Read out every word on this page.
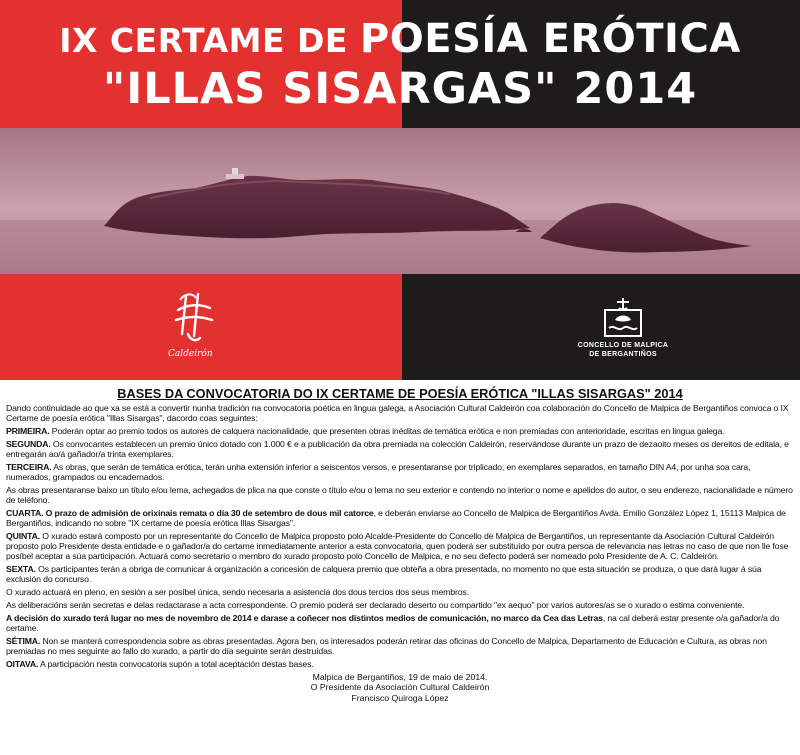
IX CERTAME DE POESÍA ERÓTICA
"ILLAS SISARGAS" 2014
Caldeirón
CONCELLO DE MALPICA
DE BERGANTIÑOS
BASES DA CONVOCATORIA DO IX CERTAME DE POESÍA ERÓTICA "ILLAS SISARGAS" 2014

Dando continuidade ao que xa se está a convertir nunha tradición na convocatoria poética en lingua galega, a Asociación Cultural Caldeirón coa colaboración do Concello de Malpica de Bergantiños convoca o IX Certame de poesía erótica "Illas Sisargas", dacordo coas seguintes:

PRIMEIRA. Poderán optar ao premio todos os autores de calquera nacionalidade, que presenten obras inéditas de temática erótica e non premiadas con anterioridade, escritas en lingua galega.

SEGUNDA. Os convocantes establecen un premio único dotado con 1.000 € e a publicación da obra premiada na colección Caldeirón, reservándose durante un prazo de dezaoito meses os dereitos de editala, e entregarán ao/á gañador/a trinta exemplares.

TERCEIRA. As obras, que serán de temática erótica, terán unha extensión inferior a seiscentos versos, e presentaranse por triplicado, en exemplares separados, en tamaño DIN A4, por unha soa cara, numerados, grampados ou encadernados.

As obras presentaranse baixo un título e/ou lema, achegados de plica na que conste o título e/ou o lema no seu exterior e contendo no interior o nome e apelidos do autor, o seu enderezo, nacionalidade e número de teléfono.

CUARTA. O prazo de admisión de orixinais remata o día 30 de setembro de dous mil catorce, e deberán enviarse ao Concello de Malpica de Bergantiños Avda. Emilio González López 1, 15113 Malpica de Bergantiños, indicando no sobre "IX certame de poesía erótica Illas Sisargas".

QUINTA. O xurado estará composto por un representante do Concello de Malpica proposto polo Alcalde-Presidente do Concello de Malpica de Bergantiños, un representante da Asociación Cultural Caldeirón proposto polo Presidente desta entidade e o gañador/a do certame inmediatamente anterior a esta convocatoria, quen poderá ser substituído por outra persoa de relevancia nas letras no caso de que non lle fose posíbel aceptar a súa participación. Actuará como secretario o membro do xurado proposto polo Concello de Malpica, e no seu defecto poderá ser nomeado polo Presidente de A. C. Caldeirón.

SEXTA. Os participantes terán a obriga de comunicar á organización a concesión de calquera premio que obteña a obra presentada, no momento no que esta situación se produza, o que dará lugar á súa exclusión do concurso.

O xurado actuará en pleno, en sesión a ser posíbel única, sendo necesaria a asistencia dos dous tercios dos seus membros.

As deliberacións serán secretas e delas redactarase a acta correspondente. O premio poderá ser declarado deserto ou compartido "ex aequo" por varios autores/as se o xurado o estima conveniente.

A decisión do xurado terá lugar no mes de novembro de 2014 e darase a coñecer nos distintos medios de comunicación, no marco da Cea das Letras, na cal deberá estar presente o/a gañador/a do certame.

SÉTIMA. Non se manterá correspondencia sobre as obras presentadas. Agora ben, os interesados poderán retirar das oficinas do Concello de Malpica, Departamento de Educación e Cultura, as obras non premiadas no mes seguinte ao fallo do xurado, a partir do día seguinte serán destruídas.

OITAVA. A participación nesta convocatoria supón a total aceptación destas bases.

Malpica de Bergantiños, 19 de maio de 2014.
O Presidente da Asociación Cultural Caldeirón
Francisco Quiroga López
